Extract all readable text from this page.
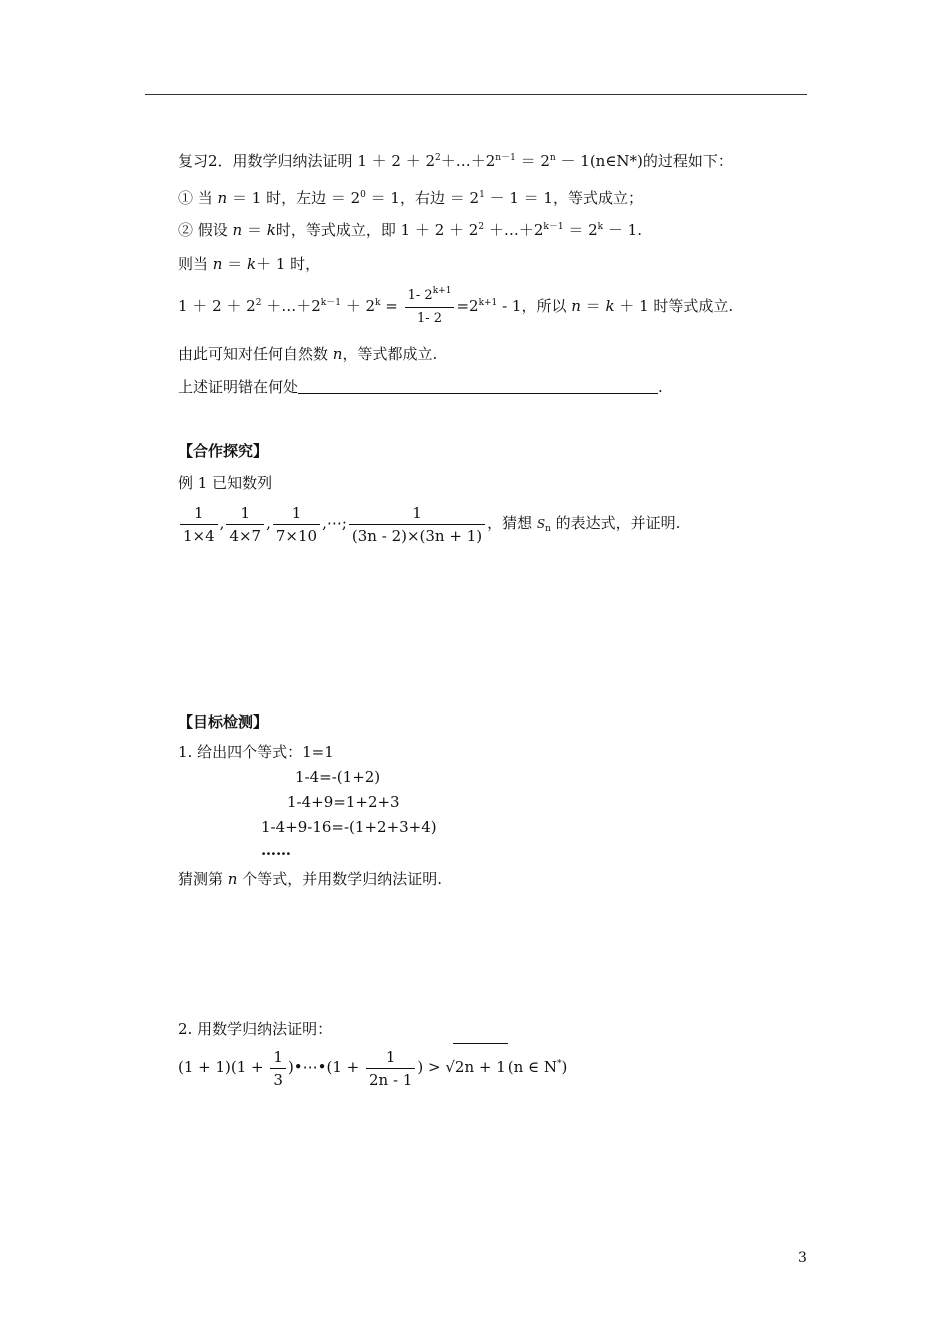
复习2．用数学归纳法证明 $1 + 2 + 2^2+\dots+2^{n-1} = 2^n$ － 1(n∈N*)的过程如下：
① 当 n ＝ 1 时，左边 ＝ $2^0 = 1$，右边 ＝ $2^1 - 1 = 1$，等式成立；
② 假设 n ＝ k时，等式成立，即 $1 + 2 + 2^2$ $+\dots+2^{k-1} = 2^k - 1$.
则当 n ＝ k＋ 1 时，
$1 + 2 + 2^2$ $+\dots+2^{k-1} + 2^k = \frac{1- 2^{k+1}}{1- 2} =2^{k+1} - 1$，所以 n ＝ k ＋ 1 时等式成立.
由此可知对任何自然数 n，等式都成立.
上述证明错在何处	.
【合作探究】
例 1 已知数列
$\frac{1}{1\times 4}$ , $\frac{1}{4\times 7}$ , $\frac{1}{7\times 10}$ ,⋯; $\frac{1}{(3n - 2)\times(3n + 1)}$ ，猜想 $S_n$ 的表达式，并证明.
【目标检测】
1. 给出四个等式：1=1
1-4=-(1+2)
1-4+9=1+2+3
1-4+9-16=-(1+2+3+4)
……
猜测第 n 个等式，并用数学归纳法证明.
2. 用数学归纳法证明：
$(1 + 1)(1 + \frac{1}{3}$ )•⋯•(1 + $\frac{1}{2n - 1}$ ) > √2n + 1 (n ∈ N*)
3
